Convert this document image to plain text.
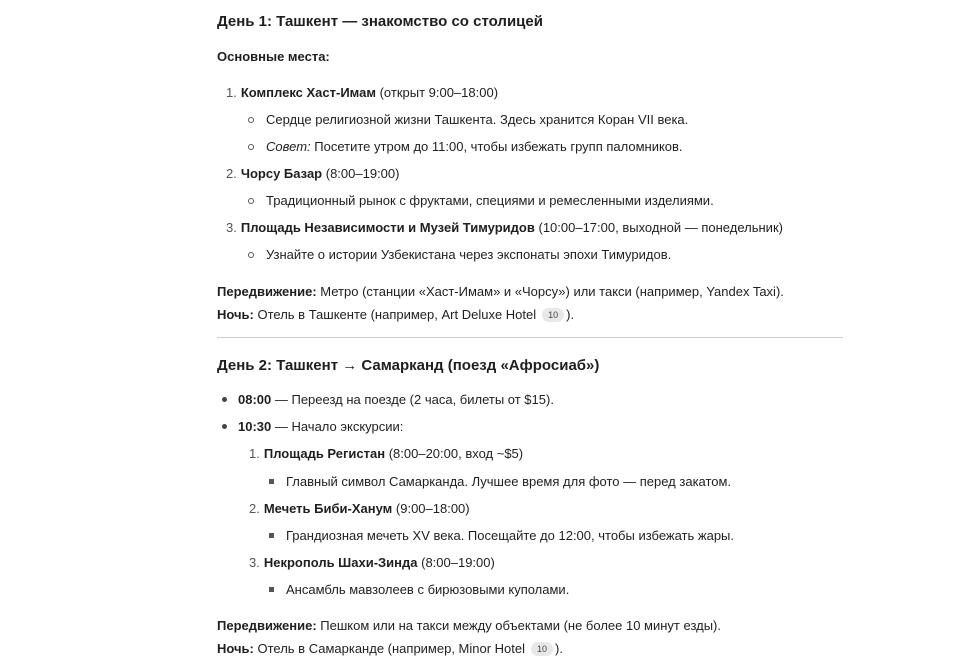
День 1: Ташкент — знакомство со столицей
Основные места:
1. Комплекс Хаст-Имам (открыт 9:00–18:00)
Сердце религиозной жизни Ташкента. Здесь хранится Коран VII века.
Совет: Посетите утром до 11:00, чтобы избежать групп паломников.
2. Чорсу Базар (8:00–19:00)
Традиционный рынок с фруктами, специями и ремесленными изделиями.
3. Площадь Независимости и Музей Тимуридов (10:00–17:00, выходной — понедельник)
Узнайте о истории Узбекистана через экспонаты эпохи Тимуридов.
Передвижение: Метро (станции «Хаст-Имам» и «Чорсу») или такси (например, Yandex Taxi).
Ночь: Отель в Ташкенте (например, Art Deluxe Hotel 10 ).
День 2: Ташкент → Самарканд (поезд «Афросиаб»)
08:00 — Переезд на поезде (2 часа, билеты от $15).
10:30 — Начало экскурсии:
1. Площадь Регистан (8:00–20:00, вход ~$5)
Главный символ Самарканда. Лучшее время для фото — перед закатом.
2. Мечеть Биби-Ханум (9:00–18:00)
Грандиозная мечеть XV века. Посещайте до 12:00, чтобы избежать жары.
3. Некрополь Шахи-Зинда (8:00–19:00)
Ансамбль мавзолеев с бирюзовыми куполами.
Передвижение: Пешком или на такси между объектами (не более 10 минут езды).
Ночь: Отель в Самарканде (например, Minor Hotel 10 ).
